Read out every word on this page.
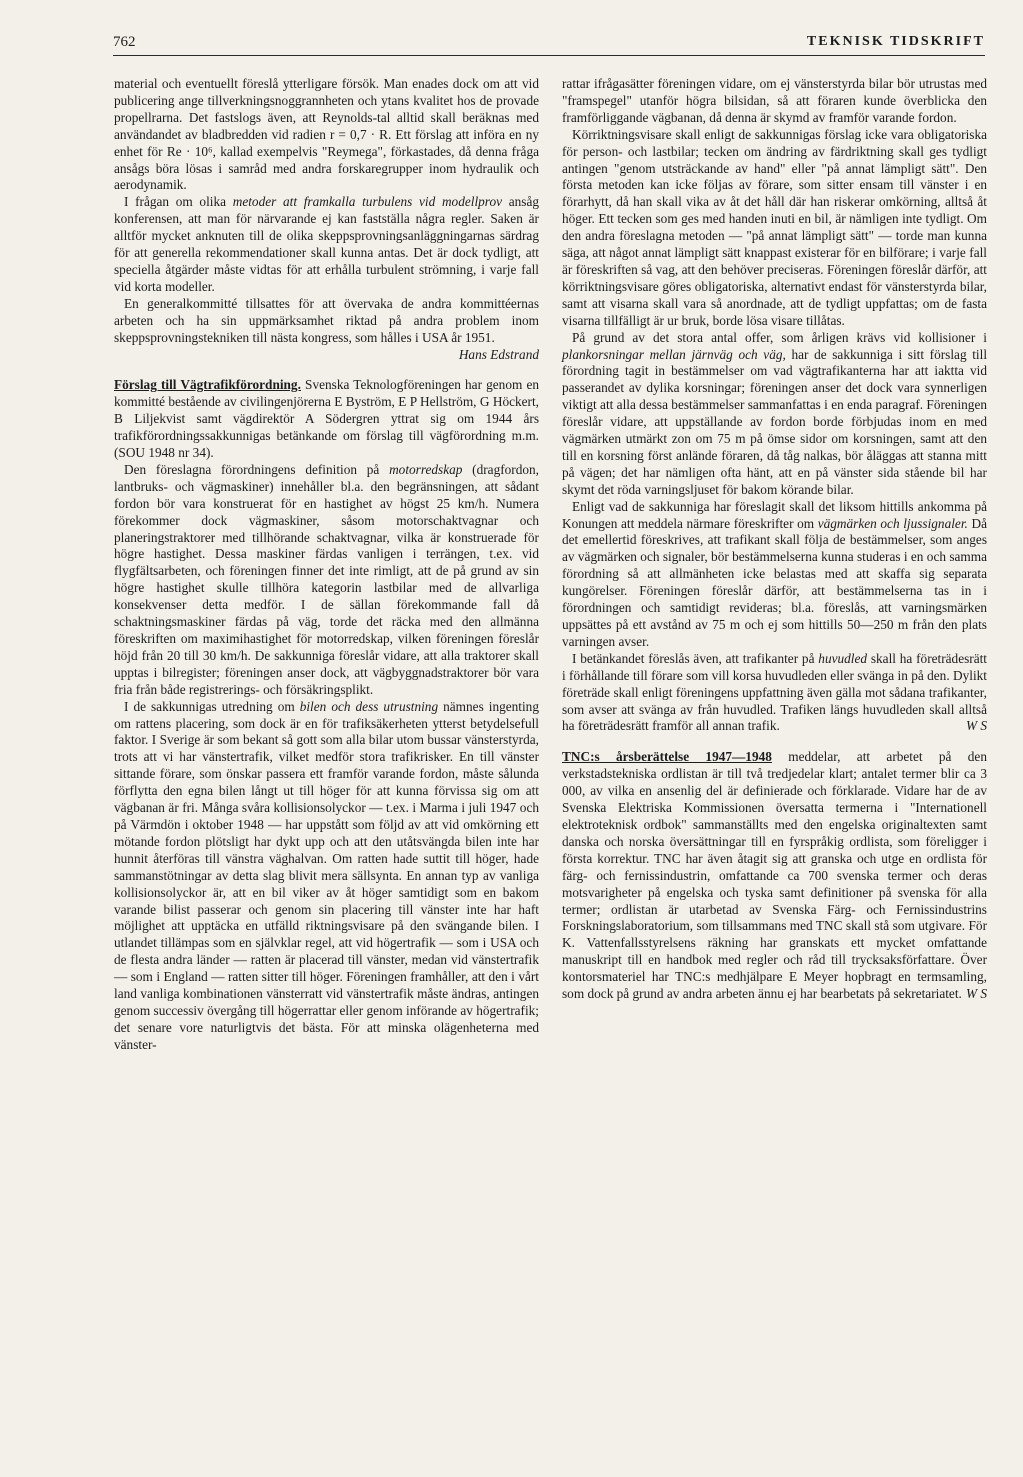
762	TEKNISK TIDSKRIFT

material och eventuellt föreslå ytterligare försök. Man enades dock om att vid publicering ange tillverkningsnoggrannheten och ytans kvalitet hos de provade propellrarna. Det fastslogs även, att Reynolds-tal alltid skall beräknas med användandet av bladbredden vid radien r = 0,7 · R. Ett förslag att införa en ny enhet för Re · 10⁶, kallad exempelvis "Reymega", förkastades, då denna fråga ansågs böra lösas i samråd med andra forskaregrupper inom hydraulik och aerodynamik.

I frågan om olika metoder att framkalla turbulens vid modellprov ansåg konferensen, att man för närvarande ej kan fastställa några regler. Saken är alltför mycket anknuten till de olika skeppsprovningsanläggningarnas särdrag för att generella rekommendationer skall kunna antas. Det är dock tydligt, att speciella åtgärder måste vidtas för att erhålla turbulent strömning, i varje fall vid korta modeller.

En generalkommitté tillsattes för att övervaka de andra kommittéernas arbeten och ha sin uppmärksamhet riktad på andra problem inom skeppsprovningstekniken till nästa kongress, som hålles i USA år 1951.
Hans Edstrand

Förslag till Vägtrafikförordning. Svenska Teknologföreningen har genom en kommitté bestående av civilingenjörerna E Byström, E P Hellström, G Höckert, B Liljekvist samt vägdirektör A Södergren yttrat sig om 1944 års trafikförordningssakkunnigas betänkande om förslag till vägförordning m.m. (SOU 1948 nr 34).

Den föreslagna förordningens definition på motorredskap (dragfordon, lantbruks- och vägmaskiner) innehåller bl.a. den begränsningen, att sådant fordon bör vara konstruerat för en hastighet av högst 25 km/h. Numera förekommer dock vägmaskiner, såsom motorschaktvagnar och planeringstraktorer med tillhörande schaktvagnar, vilka är konstruerade för högre hastighet. Dessa maskiner färdas vanligen i terrängen, t.ex. vid flygfältsarbeten, och föreningen finner det inte rimligt, att de på grund av sin högre hastighet skulle tillhöra kategorin lastbilar med de allvarliga konsekvenser detta medför. I de sällan förekommande fall då schaktningsmaskiner färdas på väg, torde det räcka med den allmänna föreskriften om maximihastighet för motorredskap, vilken föreningen föreslår höjd från 20 till 30 km/h. De sakkunniga föreslår vidare, att alla traktorer skall upptas i bilregister; föreningen anser dock, att vägbyggnadstraktorer bör vara fria från både registrerings- och försäkringsplikt.

I de sakkunnigas utredning om bilen och dess utrustning nämnes ingenting om rattens placering, som dock är en för trafiksäkerheten ytterst betydelsefull faktor. I Sverige är som bekant så gott som alla bilar utom bussar vänsterstyrda, trots att vi har vänstertrafik, vilket medför stora trafikrisker. En till vänster sittande förare, som önskar passera ett framför varande fordon, måste sålunda förflytta den egna bilen långt ut till höger för att kunna förvissa sig om att vägbanan är fri. Många svåra kollisionsolyckor — t.ex. i Marma i juli 1947 och på Värmdön i oktober 1948 — har uppstått som följd av att vid omkörning ett mötande fordon plötsligt har dykt upp och att den utåtsvängda bilen inte har hunnit återföras till vänstra väghalvan. Om ratten hade suttit till höger, hade sammanstötningar av detta slag blivit mera sällsynta. En annan typ av vanliga kollisionsolyckor är, att en bil viker av åt höger samtidigt som en bakom varande bilist passerar och genom sin placering till vänster inte har haft möjlighet att upptäcka en utfälld riktningsvisare på den svängande bilen. I utlandet tillämpas som en självklar regel, att vid högertrafik — som i USA och de flesta andra länder — ratten är placerad till vänster, medan vid vänstertrafik — som i England — ratten sitter till höger. Föreningen framhåller, att den i vårt land vanliga kombinationen vänsterratt vid vänstertrafik måste ändras, antingen genom successiv övergång till högerrattar eller genom införande av högertrafik; det senare vore naturligtvis det bästa. För att minska olägenheterna med vänster-

rattar ifrågasätter föreningen vidare, om ej vänsterstyrda bilar bör utrustas med "framspegel" utanför högra bilsidan, så att föraren kunde överblicka den framförliggande vägbanan, då denna är skymd av framför varande fordon.

Körriktningsvisare skall enligt de sakkunnigas förslag icke vara obligatoriska för person- och lastbilar; tecken om ändring av färdriktning skall ges tydligt antingen "genom utsträckande av hand" eller "på annat lämpligt sätt". Den första metoden kan icke följas av förare, som sitter ensam till vänster i en förarhytt, då han skall vika av åt det håll där han riskerar omkörning, alltså åt höger. Ett tecken som ges med handen inuti en bil, är nämligen inte tydligt. Om den andra föreslagna metoden — "på annat lämpligt sätt" — torde man kunna säga, att något annat lämpligt sätt knappast existerar för en bilförare; i varje fall är föreskriften så vag, att den behöver preciseras. Föreningen föreslår därför, att körriktningsvisare göres obligatoriska, alternativt endast för vänsterstyrda bilar, samt att visarna skall vara så anordnade, att de tydligt uppfattas; om de fasta visarna tillfälligt är ur bruk, borde lösa visare tillåtas.

På grund av det stora antal offer, som årligen krävs vid kollisioner i plankorsningar mellan järnväg och väg, har de sakkunniga i sitt förslag till förordning tagit in bestämmelser om vad vägtrafikanterna har att iakttа vid passerandet av dylika korsningar; föreningen anser det dock vara synnerligen viktigt att alla dessa bestämmelser sammanfattas i en enda paragraf. Föreningen föreslår vidare, att uppställande av fordon borde förbjudas inom en med vägmärken utmärkt zon om 75 m på ömse sidor om korsningen, samt att den till en korsning först anlände föraren, då tåg nalkas, bör åläggas att stanna mitt på vägen; det har nämligen ofta hänt, att en på vänster sida stående bil har skymt det röda varningsljuset för bakom körande bilar.

Enligt vad de sakkunniga har föreslagit skall det liksom hittills ankomma på Konungen att meddela närmare föreskrifter om vägmärken och ljussignaler. Då det emellertid föreskrives, att trafikant skall följa de bestämmelser, som anges av vägmärken och signaler, bör bestämmelserna kunna studeras i en och samma förordning så att allmänheten icke belastas med att skaffa sig separata kungörelser. Föreningen föreslår därför, att bestämmelserna tas in i förordningen och samtidigt revideras; bl.a. föreslås, att varningsmärken uppsättes på ett avstånd av 75 m och ej som hittills 50—250 m från den plats varningen avser.

I betänkandet föreslås även, att trafikanter på huvudled skall ha företrädesrätt i förhållande till förare som vill korsa huvudleden eller svänga in på den. Dylikt företräde skall enligt föreningens uppfattning även gälla mot sådana trafikanter, som avser att svänga av från huvudled. Trafiken längs huvudleden skall alltså ha företrädesrätt framför all annan trafik.	W S

TNC:s årsberättelse 1947—1948 meddelar, att arbetet på den verkstadstekniska ordlistan är till två tredjedelar klart; antalet termer blir ca 3 000, av vilka en ansenlig del är definierade och förklarade. Vidare har de av Svenska Elektriska Kommissionen översatta termerna i "Internationell elektroteknisk ordbok" sammanställts med den engelska originaltexten samt danska och norska översättningar till en fyrspråkig ordlista, som föreligger i första korrektur. TNC har även åtagit sig att granska och utge en ordlista för färg- och fernissindustrin, omfattande ca 700 svenska termer och deras motsvarigheter på engelska och tyska samt definitioner på svenska för alla termer; ordlistan är utarbetad av Svenska Färg- och Fernissindustrins Forskningslaboratorium, som tillsammans med TNC skall stå som utgivare. För K. Vattenfallsstyrelsens räkning har granskats ett mycket omfattande manuskript till en handbok med regler och råd till trycksaksförfattare. Över kontorsmateriel har TNC:s medhjälpare E Meyer hopbragt en termsamling, som dock på grund av andra arbeten ännu ej har bearbetats på sekretariatet. W S
